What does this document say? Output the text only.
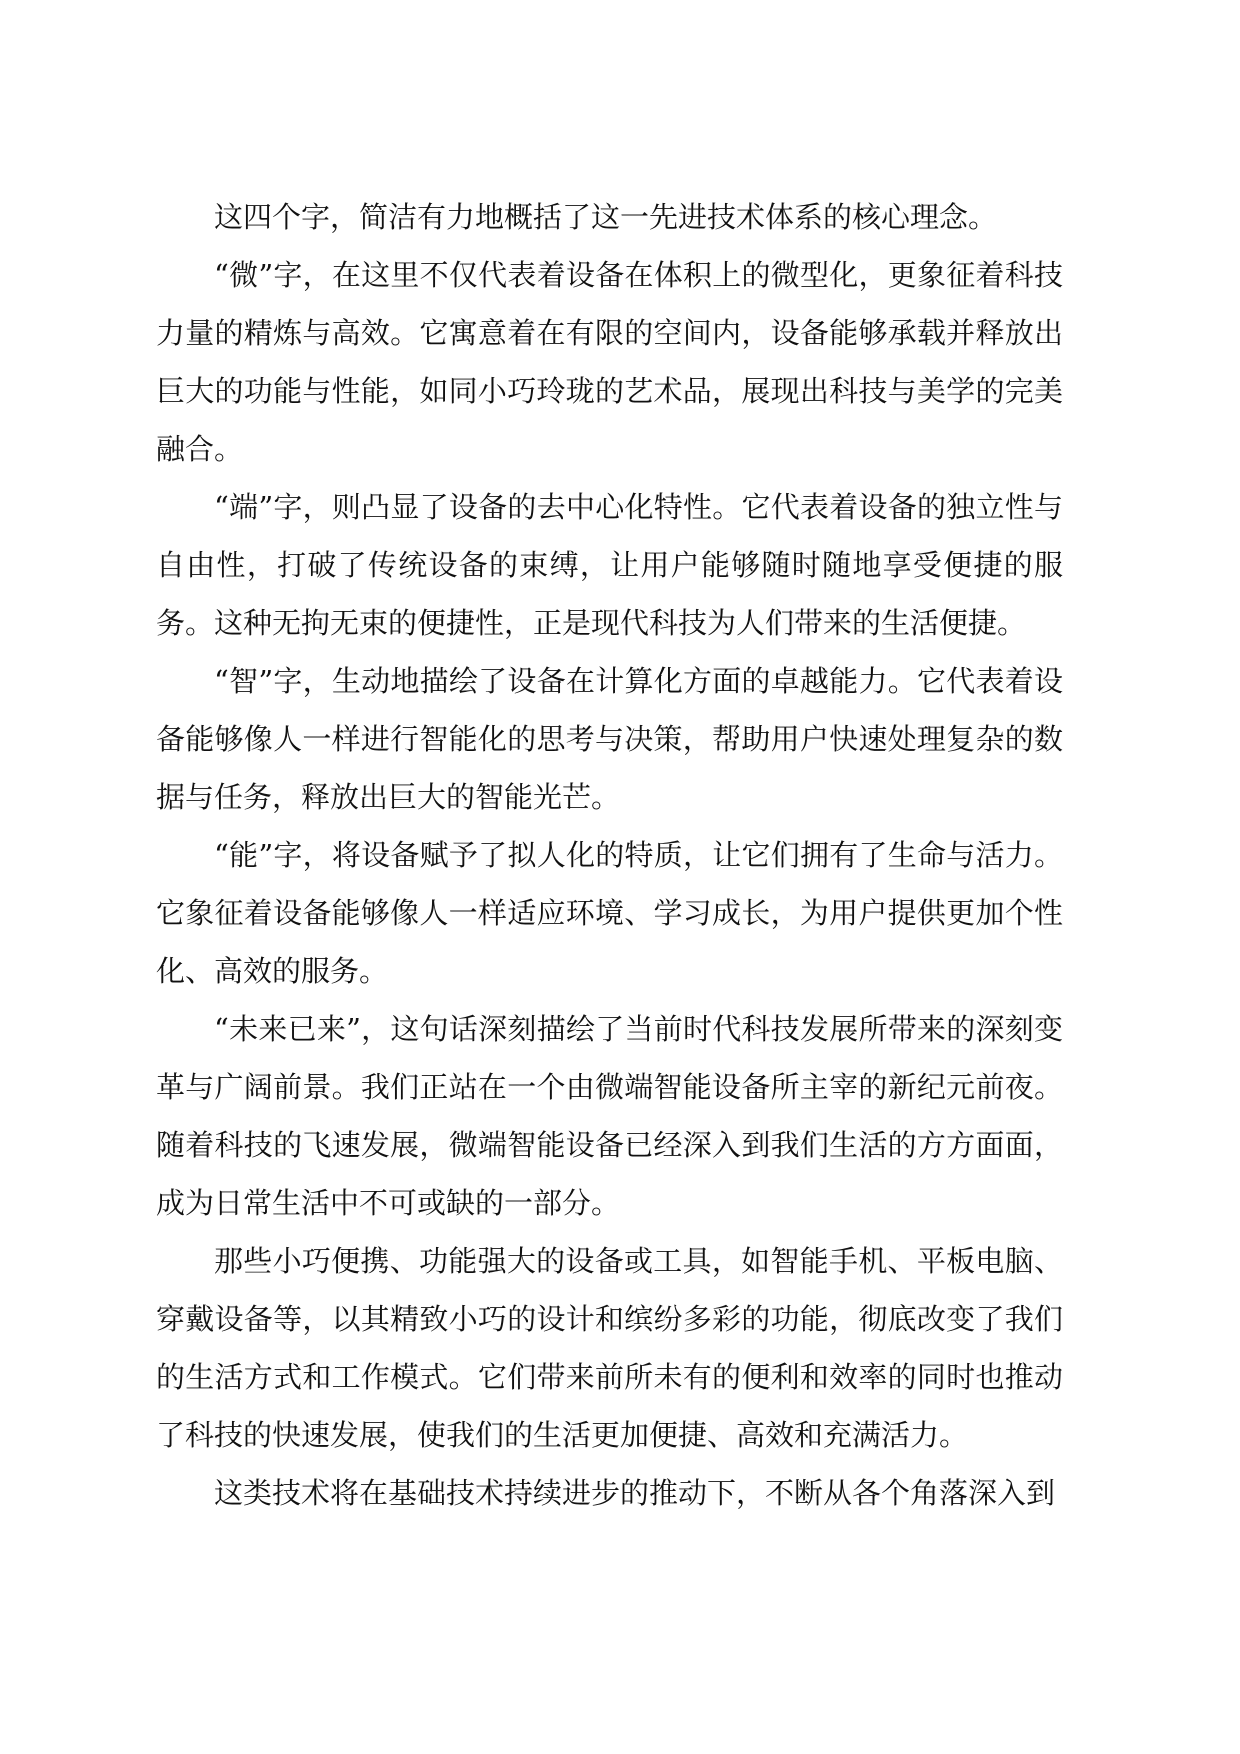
这四个字，简洁有力地概括了这一先进技术体系的核心理念。

“微”字，在这里不仅代表着设备在体积上的微型化，更象征着科技力量的精炼与高效。它寓意着在有限的空间内，设备能够承载并释放出巨大的功能与性能，如同小巧玲珑的艺术品，展现出科技与美学的完美融合。

“端”字，则凸显了设备的去中心化特性。它代表着设备的独立性与自由性，打破了传统设备的束缚，让用户能够随时随地享受便捷的服务。这种无拘无束的便捷性，正是现代科技为人们带来的生活便捷。

“智”字，生动地描绘了设备在计算化方面的卓越能力。它代表着设备能够像人一样进行智能化的思考与决策，帮助用户快速处理复杂的数据与任务，释放出巨大的智能光芒。

“能”字，将设备赋予了拟人化的特质，让它们拥有了生命与活力。它象征着设备能够像人一样适应环境、学习成长，为用户提供更加个性化、高效的服务。

“未来已来”，这句话深刻描绘了当前时代科技发展所带来的深刻变革与广阔前景。我们正站在一个由微端智能设备所主宰的新纪元前夜。随着科技的飞速发展，微端智能设备已经深入到我们生活的方方面面，成为日常生活中不可或缺的一部分。

那些小巧便携、功能强大的设备或工具，如智能手机、平板电脑、穿戴设备等，以其精致小巧的设计和缤纷多彩的功能，彻底改变了我们的生活方式和工作模式。它们带来前所未有的便利和效率的同时也推动了科技的快速发展，使我们的生活更加便捷、高效和充满活力。

这类技术将在基础技术持续进步的推动下，不断从各个角落深入到
